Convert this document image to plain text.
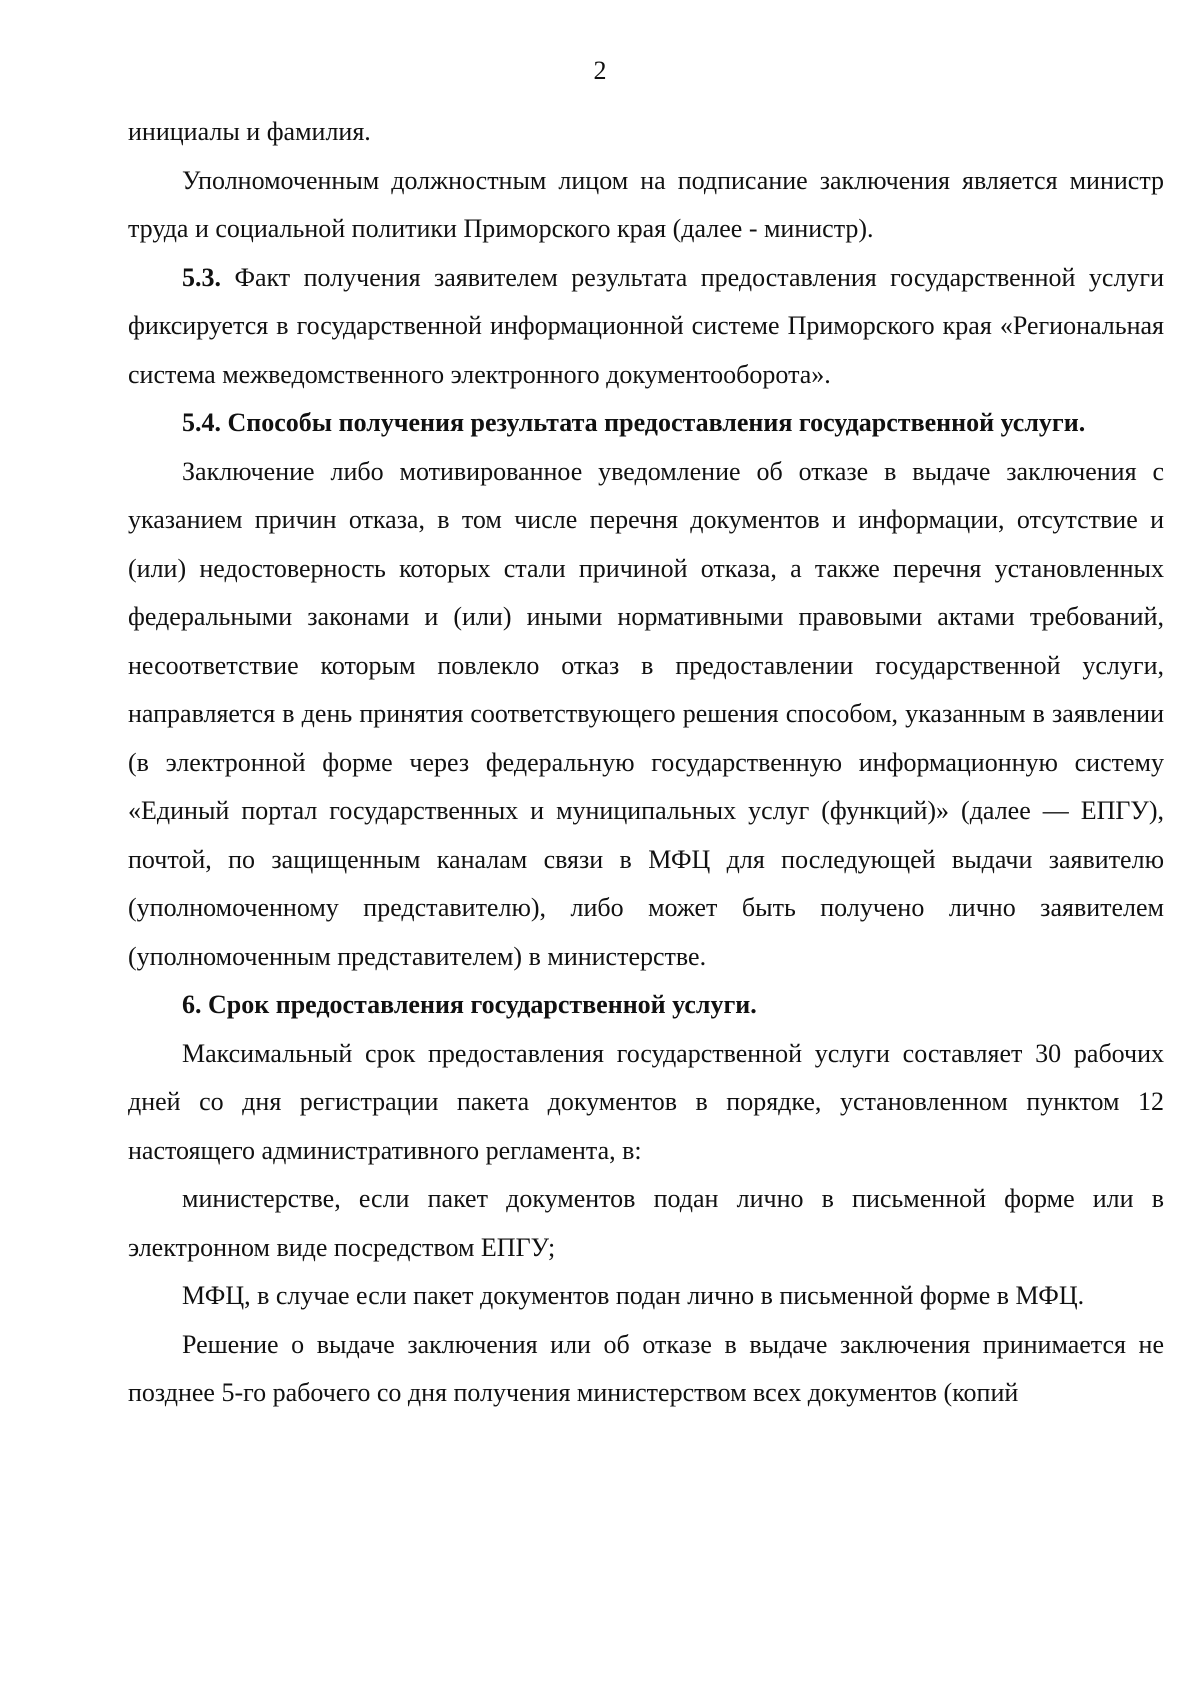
2

инициалы и фамилия.

Уполномоченным должностным лицом на подписание заключения является министр труда и социальной политики Приморского края (далее - министр).

5.3. Факт получения заявителем результата предоставления государственной услуги фиксируется в государственной информационной системе Приморского края «Региональная система межведомственного электронного документооборота».

5.4. Способы получения результата предоставления государственной услуги.

Заключение либо мотивированное уведомление об отказе в выдаче заключения с указанием причин отказа, в том числе перечня документов и информации, отсутствие и (или) недостоверность которых стали причиной отказа, а также перечня установленных федеральными законами и (или) иными нормативными правовыми актами требований, несоответствие которым повлекло отказ в предоставлении государственной услуги, направляется в день принятия соответствующего решения способом, указанным в заявлении (в электронной форме через федеральную государственную информационную систему «Единый портал государственных и муниципальных услуг (функций)» (далее — ЕПГУ), почтой, по защищенным каналам связи в МФЦ для последующей выдачи заявителю (уполномоченному представителю), либо может быть получено лично заявителем (уполномоченным представителем) в министерстве.

6. Срок предоставления государственной услуги.

Максимальный срок предоставления государственной услуги составляет 30 рабочих дней со дня регистрации пакета документов в порядке, установленном пунктом 12 настоящего административного регламента, в:

министерстве, если пакет документов подан лично в письменной форме или в электронном виде посредством ЕПГУ;

МФЦ, в случае если пакет документов подан лично в письменной форме в МФЦ.

Решение о выдаче заключения или об отказе в выдаче заключения принимается не позднее 5-го рабочего со дня получения министерством всех документов (копий
